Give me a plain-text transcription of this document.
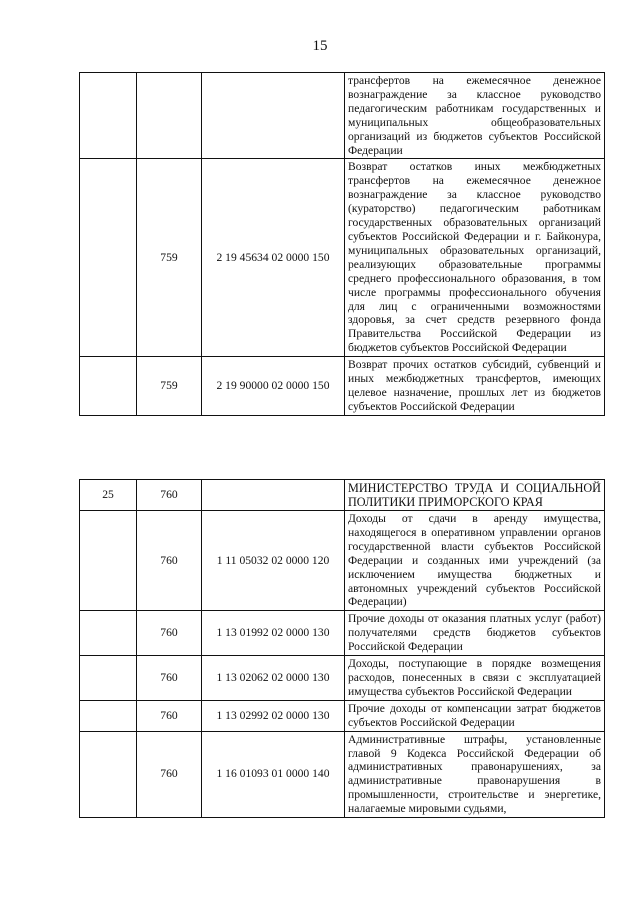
15

			трансфертов на ежемесячное денежное вознаграждение за классное руководство педагогическим работникам государственных и муниципальных общеобразовательных организаций из бюджетов субъектов Российской Федерации

	759	2 19 45634 02 0000 150	Возврат остатков иных межбюджетных трансфертов на ежемесячное денежное вознаграждение за классное руководство (кураторство) педагогическим работникам государственных образовательных организаций субъектов Российской Федерации и г. Байконура, муниципальных образовательных организаций, реализующих образовательные программы среднего профессионального образования, в том числе программы профессионального обучения для лиц с ограниченными возможностями здоровья, за счет средств резервного фонда Правительства Российской Федерации из бюджетов субъектов Российской Федерации

	759	2 19 90000 02 0000 150	Возврат прочих остатков субсидий, субвенций и иных межбюджетных трансфертов, имеющих целевое назначение, прошлых лет из бюджетов субъектов Российской Федерации
25	760		МИНИСТЕРСТВО ТРУДА И СОЦИАЛЬНОЙ ПОЛИТИКИ ПРИМОРСКОГО КРАЯ

	760	1 11 05032 02 0000 120	Доходы от сдачи в аренду имущества, находящегося в оперативном управлении органов государственной власти субъектов Российской Федерации и созданных ими учреждений (за исключением имущества бюджетных и автономных учреждений субъектов Российской Федерации)

	760	1 13 01992 02 0000 130	Прочие доходы от оказания платных услуг (работ) получателями средств бюджетов субъектов Российской Федерации

	760	1 13 02062 02 0000 130	Доходы, поступающие в порядке возмещения расходов, понесенных в связи с эксплуатацией имущества субъектов Российской Федерации

	760	1 13 02992 02 0000 130	Прочие доходы от компенсации затрат бюджетов субъектов Российской Федерации

	760	1 16 01093 01 0000 140	Административные штрафы, установленные главой 9 Кодекса Российской Федерации об административных правонарушениях, за административные правонарушения в промышленности, строительстве и энергетике, налагаемые мировыми судьями,
